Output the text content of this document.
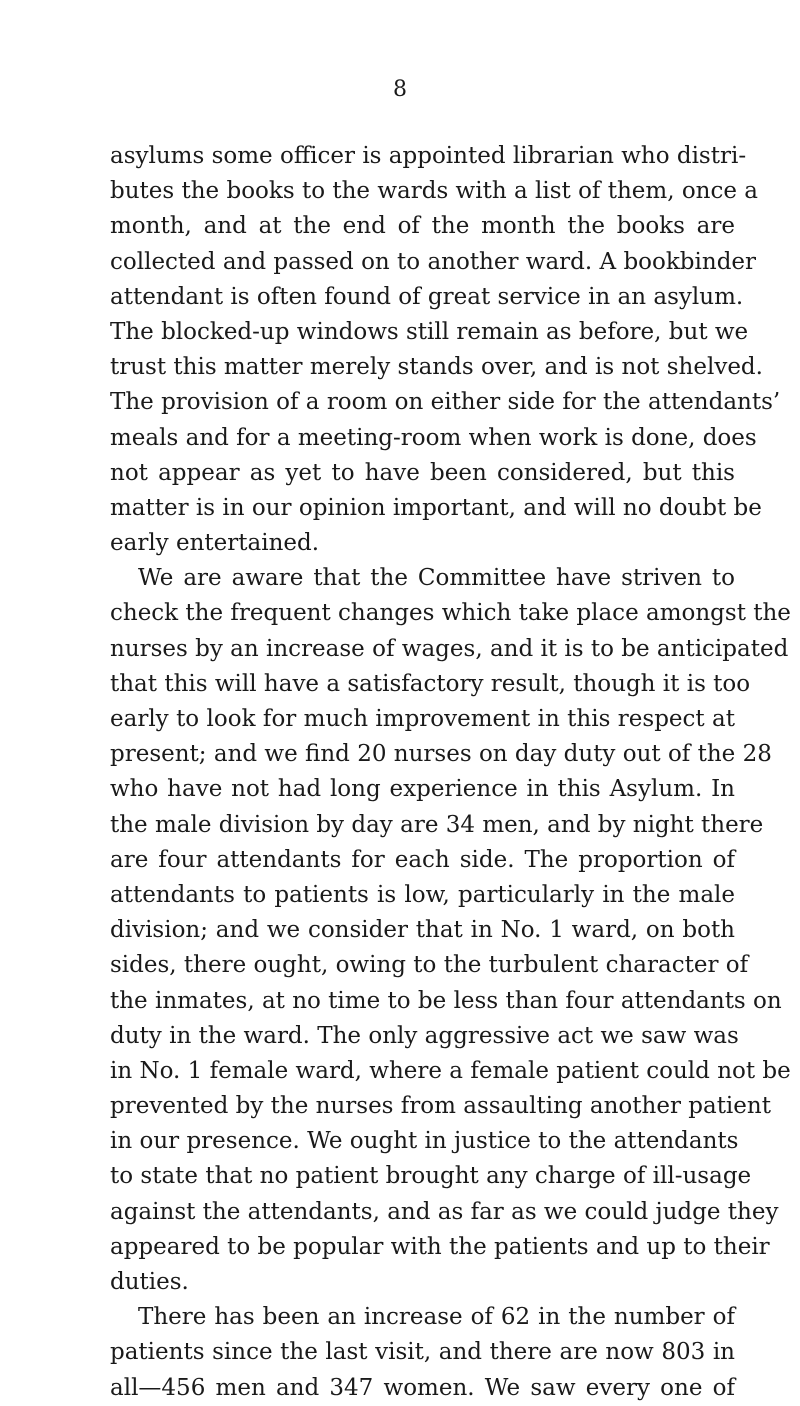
8
asylums some officer is appointed librarian who distri-
butes the books to the wards with a list of them, once a
month, and at the end of the month the books are
collected and passed on to another ward. A bookbinder
attendant is often found of great service in an asylum.
The blocked-up windows still remain as before, but we
trust this matter merely stands over, and is not shelved.
The provision of a room on either side for the attendants’
meals and for a meeting-room when work is done, does
not appear as yet to have been considered, but this
matter is in our opinion important, and will no doubt be
early entertained.
We are aware that the Committee have striven to
check the frequent changes which take place amongst the
nurses by an increase of wages, and it is to be anticipated
that this will have a satisfactory result, though it is too
early to look for much improvement in this respect at
present; and we find 20 nurses on day duty out of the 28
who have not had long experience in this Asylum. In
the male division by day are 34 men, and by night there
are four attendants for each side. The proportion of
attendants to patients is low, particularly in the male
division; and we consider that in No. 1 ward, on both
sides, there ought, owing to the turbulent character of
the inmates, at no time to be less than four attendants on
duty in the ward. The only aggressive act we saw was
in No. 1 female ward, where a female patient could not be
prevented by the nurses from assaulting another patient
in our presence. We ought in justice to the attendants
to state that no patient brought any charge of ill-usage
against the attendants, and as far as we could judge they
appeared to be popular with the patients and up to their
duties.
There has been an increase of 62 in the number of
patients since the last visit, and there are now 803 in
all—456 men and 347 women. We saw every one of
